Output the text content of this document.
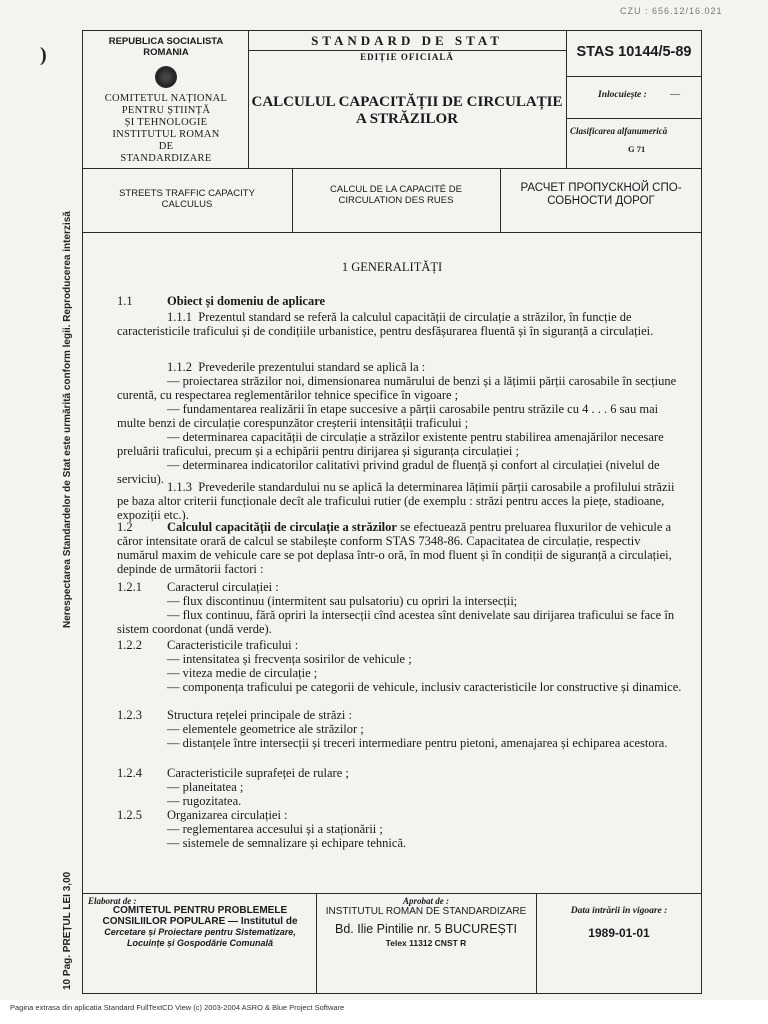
CZU : 656.12/16.021
)
Nerespectarea Standardelor de Stat este urmărită conform legii. Reproducerea interzisă
10 Pag. PREȚUL LEI 3,00
REPUBLICA SOCIALISTA
ROMANIA
COMITETUL NAȚIONAL
PENTRU ȘTIINȚĂ
ȘI TEHNOLOGIE
INSTITUTUL ROMAN
DE
STANDARDIZARE
STANDARD DE STAT
EDIȚIE OFICIALĂ
CALCULUL CAPACITĂȚII DE CIRCULAȚIE
A STRĂZILOR
STAS 10144/5-89
Inlocuiește : —
Clasificarea alfanumerică
G 71
STREETS TRAFFIC CAPACITY
CALCULUS
CALCUL DE LA CAPACITÉ DE
CIRCULATION DES RUES
РАСЧЕТ ПРОПУСКНОЙ СПО-
СОБНОСТИ ДОРОГ
1 GENERALITĂȚI
1.1	Obiect și domeniu de aplicare
1.1.1 Prezentul standard se referă la calculul capacității de circulație a străzilor, în funcție de caracteristicile traficului și de condițiile urbanistice, pentru desfășurarea fluentă și în siguranță a circulației.
1.1.2 Prevederile prezentului standard se aplică la :
— proiectarea străzilor noi, dimensionarea numărului de benzi și a lățimii părții carosabile în secțiune curentă, cu respectarea reglementărilor tehnice specifice în vigoare ;
— fundamentarea realizării în etape succesive a părții carosabile pentru străzile cu 4 . . . 6 sau mai multe benzi de circulație corespunzător creșterii intensității traficului ;
— determinarea capacității de circulație a străzilor existente pentru stabilirea amenajărilor necesare preluării traficului, precum și a echipării pentru dirijarea și siguranța circulației ;
— determinarea indicatorilor calitativi privind gradul de fluență și confort al circulației (nivelul de serviciu).
1.1.3 Prevederile standardului nu se aplică la determinarea lățimii părții carosabile a profilului străzii pe baza altor criterii funcționale decît ale traficului rutier (de exemplu : străzi pentru acces la piețe, stadioane, expoziții etc.).
1.2	Calculul capacității de circulație a străzilor se efectuează pentru preluarea fluxurilor de vehicule a căror intensitate orară de calcul se stabilește conform STAS 7348-86. Capacitatea de circulație, respectiv numărul maxim de vehicule care se pot deplasa într-o oră, în mod fluent și în condiții de siguranță a circulației, depinde de următorii factori :
1.2.1 Caracterul circulației :
— flux discontinuu (intermitent sau pulsatoriu) cu opriri la intersecții;
— flux continuu, fără opriri la intersecții cînd acestea sînt denivelate sau dirijarea traficului se face în sistem coordonat (undă verde).
1.2.2 Caracteristicile traficului :
— intensitatea și frecvența sosirilor de vehicule ;
— viteza medie de circulație ;
— componența traficului pe categorii de vehicule, inclusiv caracteristicile lor constructive și dinamice.
1.2.3 Structura rețelei principale de străzi :
— elementele geometrice ale străzilor ;
— distanțele între intersecții și treceri intermediare pentru pietoni, amenajarea și echiparea acestora.
1.2.4 Caracteristicile suprafeței de rulare ;
— planeitatea ;
— rugozitatea.
1.2.5 Organizarea circulației :
— reglementarea accesului și a staționării ;
— sistemele de semnalizare și echipare tehnică.
Elaborat de :
COMITETUL PENTRU PROBLEMELE
CONSILIILOR POPULARE — Institutul de
Cercetare și Proiectare pentru Sistematizare,
Locuințe și Gospodărie Comunală
Aprobat de :
INSTITUTUL ROMAN DE STANDARDIZARE
Bd. Ilie Pintilie nr. 5 BUCUREȘTI
Telex 11312 CNST R
Data intrării în vigoare :
1989-01-01
Pagina extrasa din aplicatia Standard FullTextCD View (c) 2003-2004 ASRO & Blue Project Software
